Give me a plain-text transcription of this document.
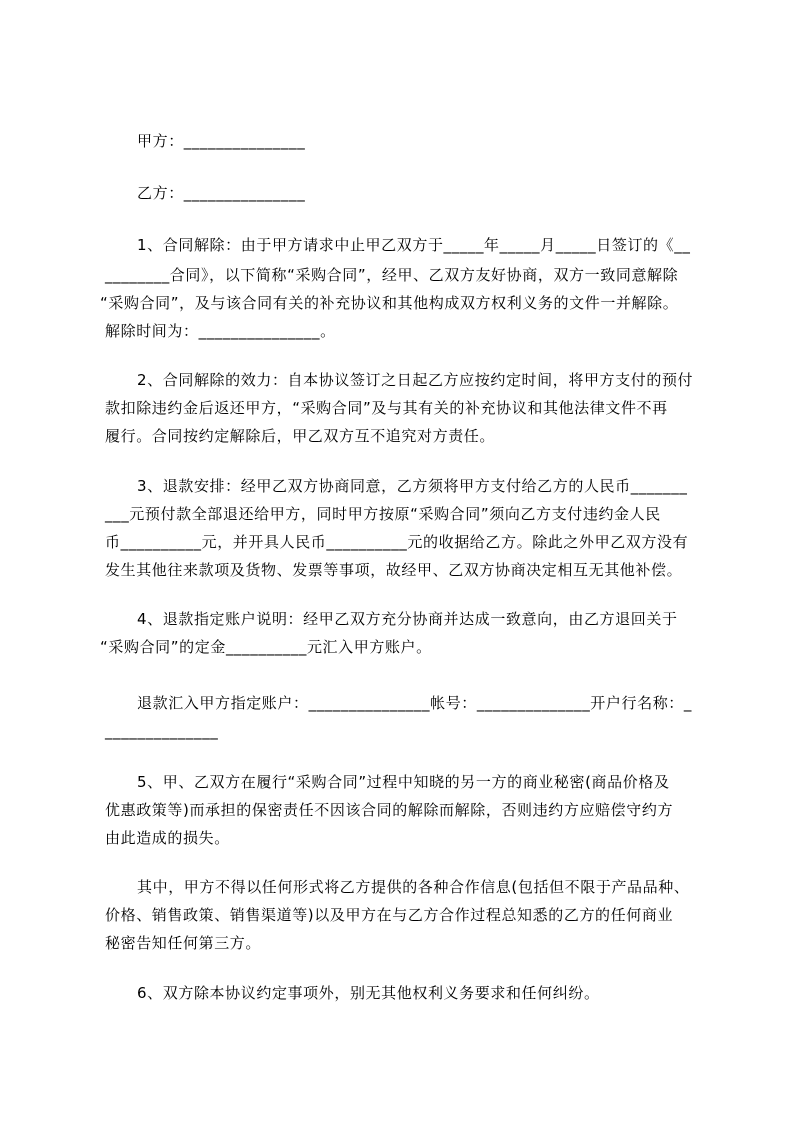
甲方：_______________
乙方：_______________
1、合同解除：由于甲方请求中止甲乙双方于_____年_____月_____日签订的《__
________合同》，以下简称“采购合同”，经甲、乙双方友好协商，双方一致同意解除
“采购合同”，及与该合同有关的补充协议和其他构成双方权利义务的文件一并解除。
解除时间为：_______________。
2、合同解除的效力：自本协议签订之日起乙方应按约定时间，将甲方支付的预付
款扣除违约金后返还甲方，“采购合同”及与其有关的补充协议和其他法律文件不再
履行。合同按约定解除后，甲乙双方互不追究对方责任。
3、退款安排：经甲乙双方协商同意，乙方须将甲方支付给乙方的人民币_______
___元预付款全部退还给甲方，同时甲方按原“采购合同”须向乙方支付违约金人民
币__________元，并开具人民币__________元的收据给乙方。除此之外甲乙双方没有
发生其他往来款项及货物、发票等事项，故经甲、乙双方协商决定相互无其他补偿。
4、退款指定账户说明：经甲乙双方充分协商并达成一致意向，由乙方退回关于
“采购合同”的定金__________元汇入甲方账户。
退款汇入甲方指定账户：_______________帐号：______________开户行名称：_
______________
5、甲、乙双方在履行“采购合同”过程中知晓的另一方的商业秘密(商品价格及
优惠政策等)而承担的保密责任不因该合同的解除而解除，否则违约方应赔偿守约方
由此造成的损失。
其中，甲方不得以任何形式将乙方提供的各种合作信息(包括但不限于产品品种、
价格、销售政策、销售渠道等)以及甲方在与乙方合作过程总知悉的乙方的任何商业
秘密告知任何第三方。
6、双方除本协议约定事项外，别无其他权利义务要求和任何纠纷。
